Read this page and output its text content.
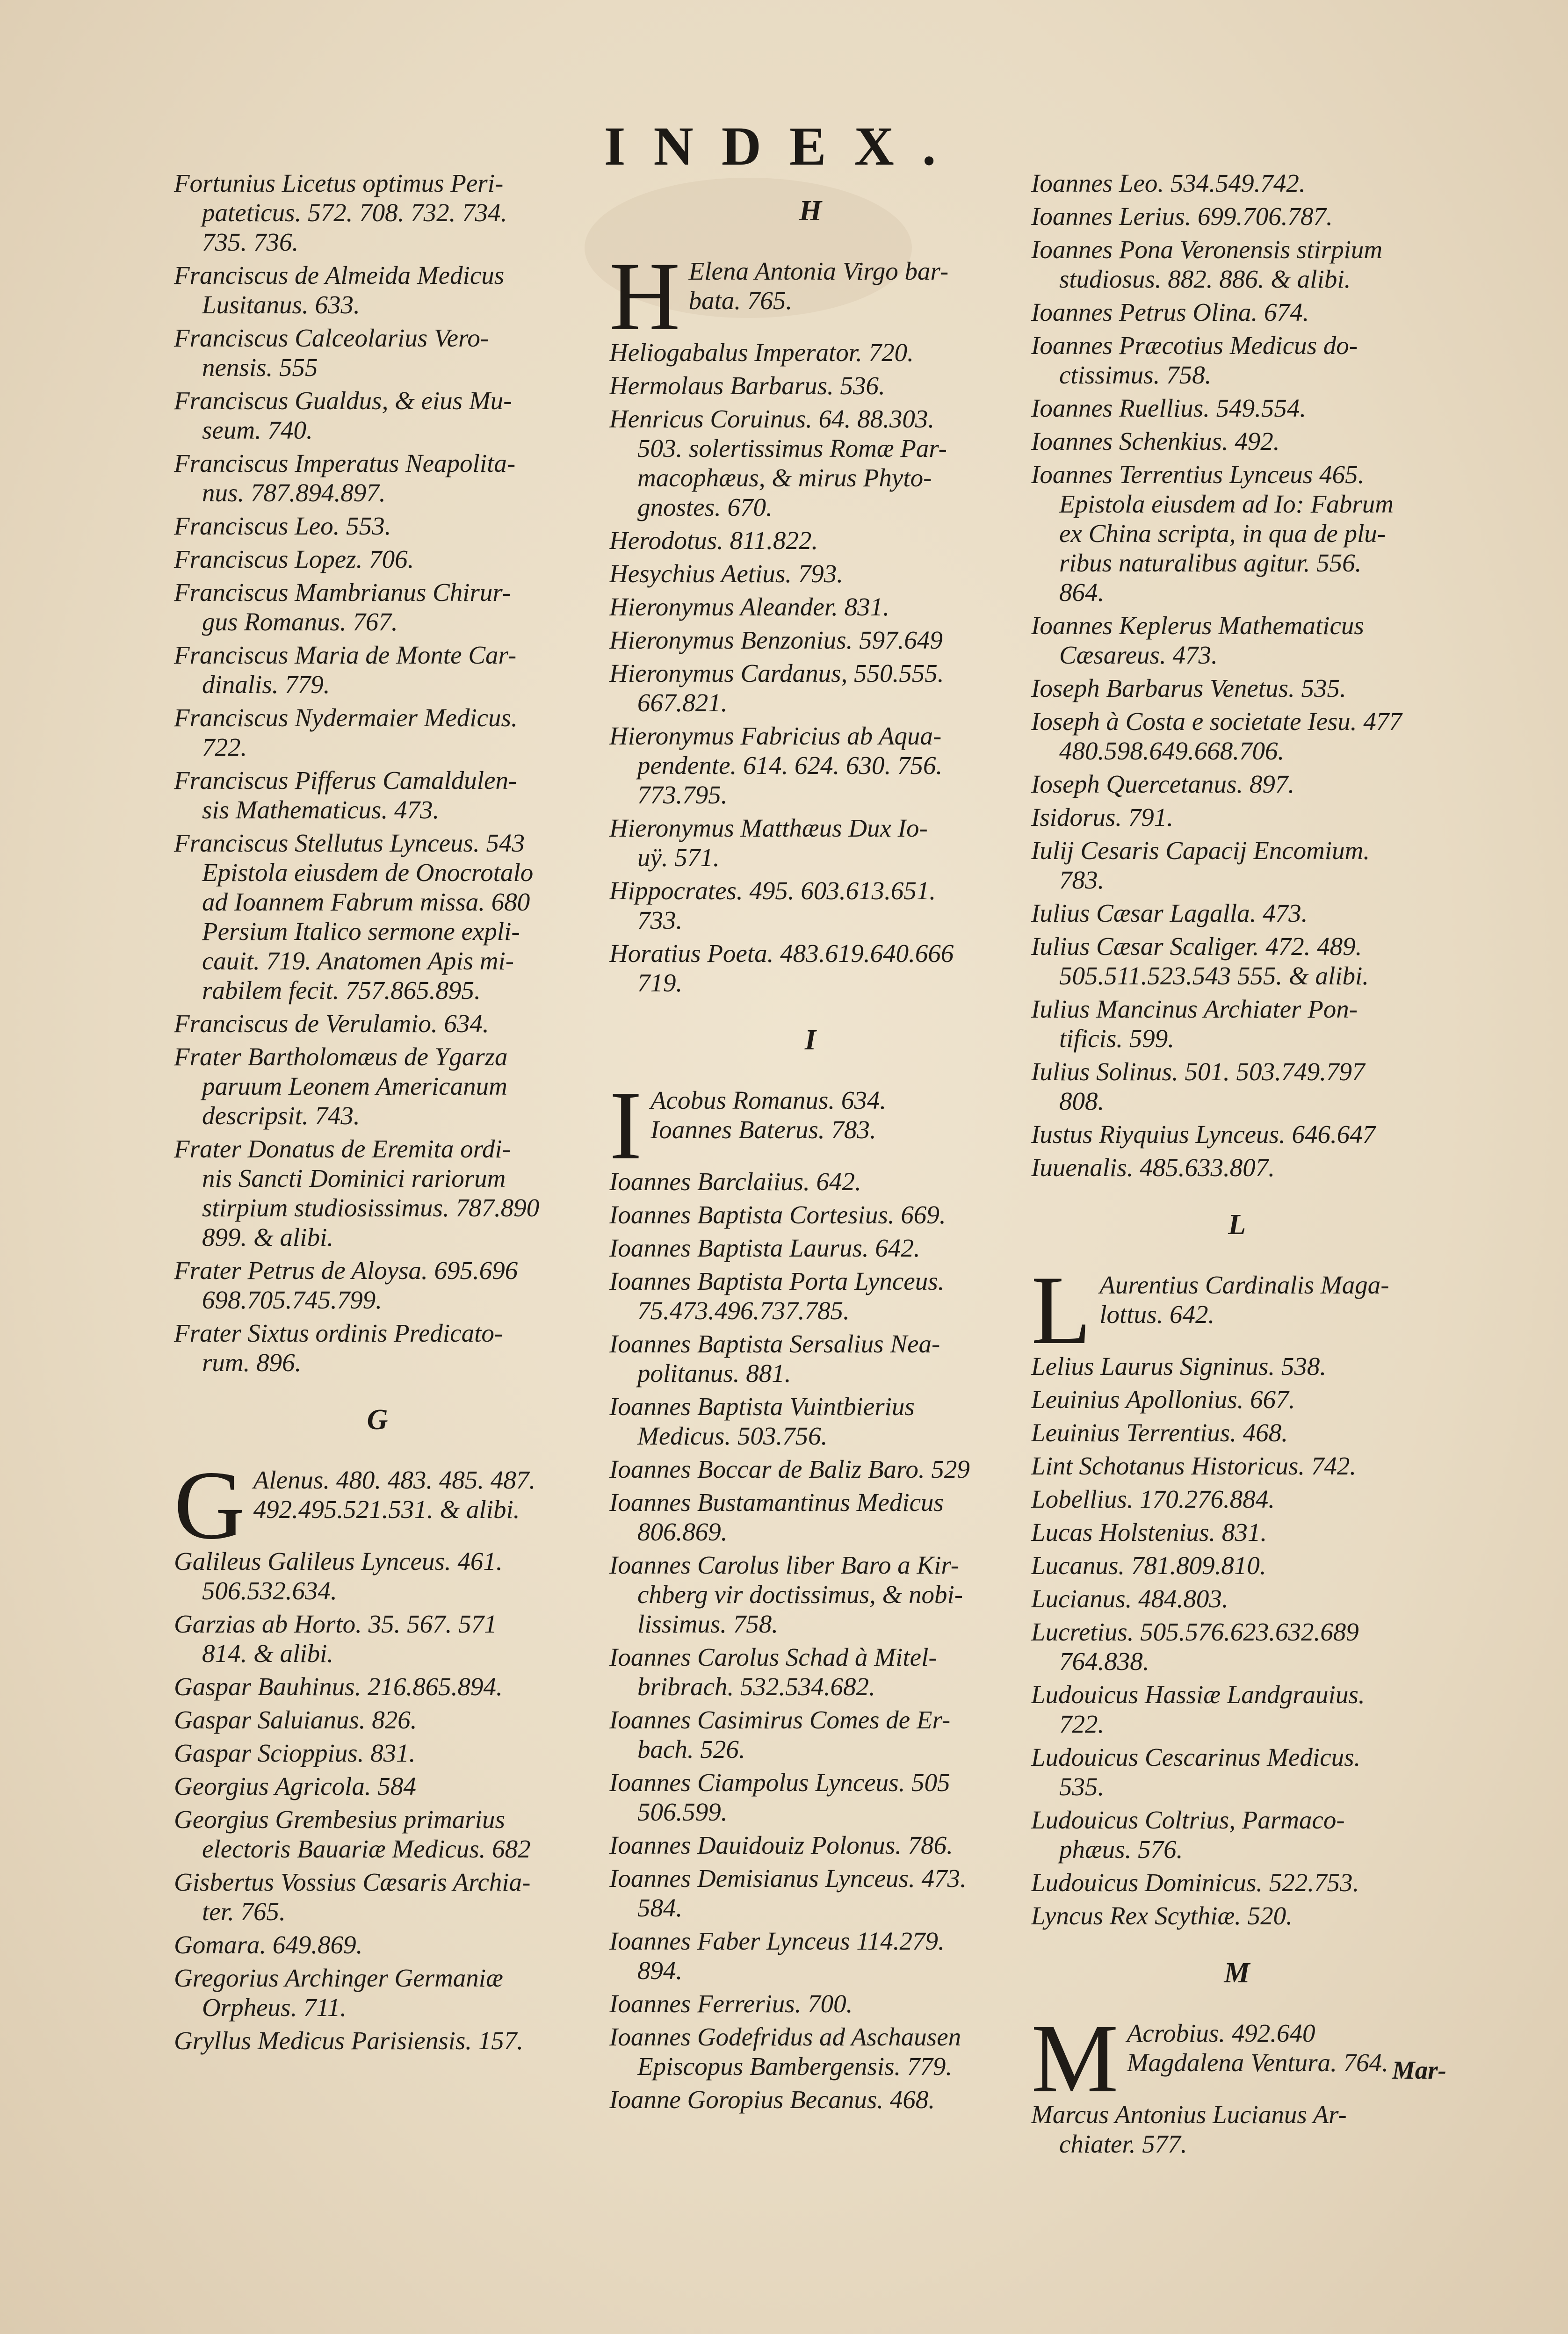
INDEX.
Fortunius Licetus optimus Peri-
pateticus. 572. 708. 732. 734.
735. 736.
Franciscus de Almeida Medicus
Lusitanus. 633.
Franciscus Calceolarius Vero-
nensis. 555
Franciscus Gualdus, & eius Mu-
seum. 740.
Franciscus Imperatus Neapolita-
nus. 787.894.897.
Franciscus Leo. 553.
Franciscus Lopez. 706.
Franciscus Mambrianus Chirur-
gus Romanus. 767.
Franciscus Maria de Monte Car-
dinalis. 779.
Franciscus Nydermaier Medicus.
722.
Franciscus Pifferus Camaldulen-
sis Mathematicus. 473.
Franciscus Stellutus Lynceus. 543
Epistola eiusdem de Onocrotalo
ad Ioannem Fabrum missa. 680
Persium Italico sermone expli-
cauit. 719. Anatomen Apis mi-
rabilem fecit. 757.865.895.
Franciscus de Verulamio. 634.
Frater Bartholomæus de Ygarza
paruum Leonem Americanum
descripsit. 743.
Frater Donatus de Eremita ordi-
nis Sancti Dominici rariorum
stirpium studiosissimus. 787.890
899. & alibi.
Frater Petrus de Aloysa. 695.696
698.705.745.799.
Frater Sixtus ordinis Predicato-
rum. 896.
G
G Alenus. 480. 483. 485. 487.
492.495.521.531. & alibi.
Galileus Galileus Lynceus. 461.
506.532.634.
Garzias ab Horto. 35. 567. 571
814. & alibi.
Gaspar Bauhinus. 216.865.894.
Gaspar Saluianus. 826.
Gaspar Scioppius. 831.
Georgius Agricola. 584
Georgius Grembesius primarius
electoris Bauariæ Medicus. 682
Gisbertus Vossius Cæsaris Archia-
ter. 765.
Gomara. 649.869.
Gregorius Archinger Germaniæ
Orpheus. 711.
Gryllus Medicus Parisiensis. 157.
H
H Elena Antonia Virgo bar-
bata. 765.
Heliogabalus Imperator. 720.
Hermolaus Barbarus. 536.
Henricus Coruinus. 64. 88.303.
503. solertissimus Romæ Par-
macophæus, & mirus Phyto-
gnostes. 670.
Herodotus. 811.822.
Hesychius Aetius. 793.
Hieronymus Aleander. 831.
Hieronymus Benzonius. 597.649
Hieronymus Cardanus, 550.555.
667.821.
Hieronymus Fabricius ab Aqua-
pendente. 614. 624. 630. 756.
773.795.
Hieronymus Matthæus Dux Io-
uÿ. 571.
Hippocrates. 495. 603.613.651.
733.
Horatius Poeta. 483.619.640.666
719.
I
I Acobus Romanus. 634.
Ioannes Baterus. 783.
Ioannes Barclaiius. 642.
Ioannes Baptista Cortesius. 669.
Ioannes Baptista Laurus. 642.
Ioannes Baptista Porta Lynceus.
75.473.496.737.785.
Ioannes Baptista Sersalius Nea-
politanus. 881.
Ioannes Baptista Vuintbierius
Medicus. 503.756.
Ioannes Boccar de Baliz Baro. 529
Ioannes Bustamantinus Medicus
806.869.
Ioannes Carolus liber Baro a Kir-
chberg vir doctissimus, & nobi-
lissimus. 758.
Ioannes Carolus Schad à Mitel-
bribrach. 532.534.682.
Ioannes Casimirus Comes de Er-
bach. 526.
Ioannes Ciampolus Lynceus. 505
506.599.
Ioannes Dauidouiz Polonus. 786.
Ioannes Demisianus Lynceus. 473.
584.
Ioannes Faber Lynceus 114.279.
894.
Ioannes Ferrerius. 700.
Ioannes Godefridus ad Aschausen
Episcopus Bambergensis. 779.
Ioanne Goropius Becanus. 468.
Ioannes Leo. 534.549.742.
Ioannes Lerius. 699.706.787.
Ioannes Pona Veronensis stirpium
studiosus. 882. 886. & alibi.
Ioannes Petrus Olina. 674.
Ioannes Præcotius Medicus do-
ctissimus. 758.
Ioannes Ruellius. 549.554.
Ioannes Schenkius. 492.
Ioannes Terrentius Lynceus 465.
Epistola eiusdem ad Io: Fabrum
ex China scripta, in qua de plu-
ribus naturalibus agitur. 556.
864.
Ioannes Keplerus Mathematicus
Cæsareus. 473.
Ioseph Barbarus Venetus. 535.
Ioseph à Costa e societate Iesu. 477
480.598.649.668.706.
Ioseph Quercetanus. 897.
Isidorus. 791.
Iulij Cesaris Capacij Encomium.
783.
Iulius Cæsar Lagalla. 473.
Iulius Cæsar Scaliger. 472. 489.
505.511.523.543 555. & alibi.
Iulius Mancinus Archiater Pon-
tificis. 599.
Iulius Solinus. 501. 503.749.797
808.
Iustus Riyquius Lynceus. 646.647
Iuuenalis. 485.633.807.
L
L Aurentius Cardinalis Maga-
lottus. 642.
Lelius Laurus Signinus. 538.
Leuinius Apollonius. 667.
Leuinius Terrentius. 468.
Lint Schotanus Historicus. 742.
Lobellius. 170.276.884.
Lucas Holstenius. 831.
Lucanus. 781.809.810.
Lucianus. 484.803.
Lucretius. 505.576.623.632.689
764.838.
Ludouicus Hassiæ Landgrauius.
722.
Ludouicus Cescarinus Medicus.
535.
Ludouicus Coltrius, Parmaco-
phæus. 576.
Ludouicus Dominicus. 522.753.
Lyncus Rex Scythiæ. 520.
M
M Acrobius. 492.640
Magdalena Ventura. 764.
Marcus Antonius Lucianus Ar-
chiater. 577.
Mar-
